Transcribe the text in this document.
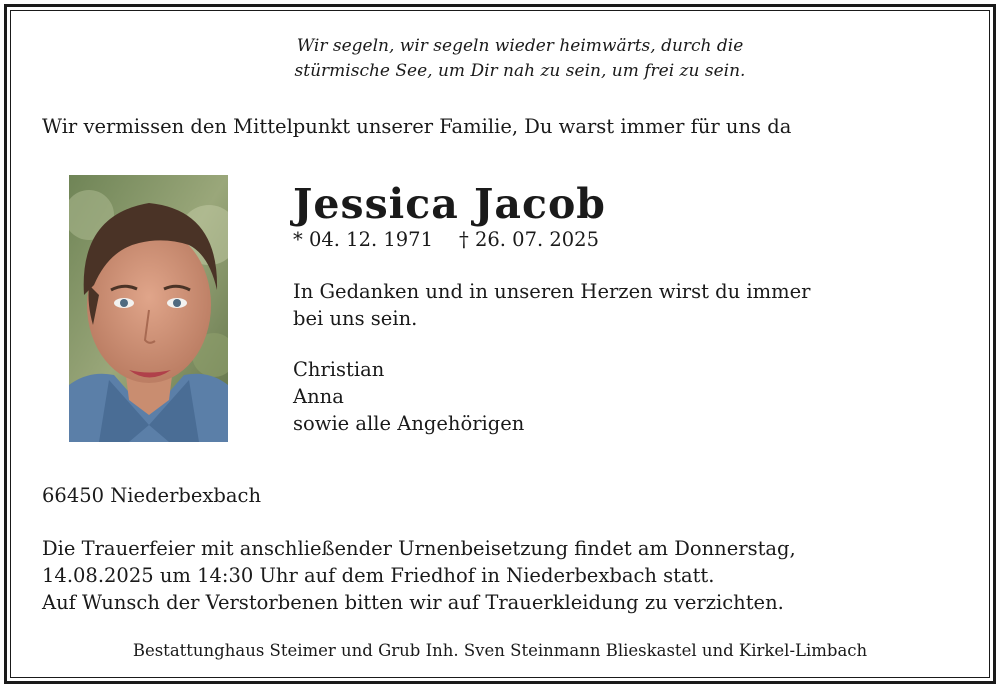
Wir segeln, wir segeln wieder heimwärts, durch die
stürmische See, um Dir nah zu sein, um frei zu sein.
Wir vermissen den Mittelpunkt unserer Familie, Du warst immer für uns da
Jessica Jacob
* 04. 12. 1971 † 26. 07. 2025
In Gedanken und in unseren Herzen wirst du immer
bei uns sein.
Christian
Anna
sowie alle Angehörigen
66450 Niederbexbach
Die Trauerfeier mit anschließender Urnenbeisetzung findet am Donnerstag,
14.08.2025 um 14:30 Uhr auf dem Friedhof in Niederbexbach statt.
Auf Wunsch der Verstorbenen bitten wir auf Trauerkleidung zu verzichten.
Bestattunghaus Steimer und Grub Inh. Sven Steinmann Blieskastel und Kirkel-Limbach
